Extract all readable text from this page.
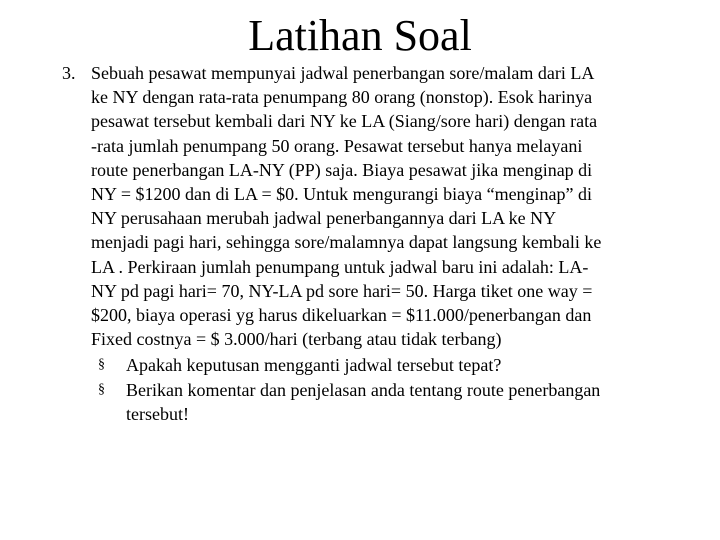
Latihan Soal
3. Sebuah pesawat mempunyai jadwal penerbangan sore/malam dari LA
ke NY dengan rata-rata penumpang 80 orang (nonstop). Esok harinya
pesawat tersebut kembali dari NY ke LA (Siang/sore hari) dengan rata
-rata jumlah penumpang 50 orang. Pesawat tersebut hanya melayani
route penerbangan LA-NY (PP) saja. Biaya pesawat jika menginap di
NY = $1200 dan di LA = $0. Untuk mengurangi biaya “menginap” di
NY perusahaan merubah jadwal penerbangannya dari LA ke NY
menjadi pagi hari, sehingga sore/malamnya dapat langsung kembali ke
LA . Perkiraan jumlah penumpang untuk jadwal baru ini adalah: LA-
NY pd pagi hari= 70, NY-LA pd sore hari= 50. Harga tiket one way =
$200, biaya operasi yg harus dikeluarkan = $11.000/penerbangan dan
Fixed costnya = $ 3.000/hari (terbang atau tidak terbang)
§ Apakah keputusan mengganti jadwal tersebut tepat?
§ Berikan komentar dan penjelasan anda tentang route penerbangan
tersebut!
